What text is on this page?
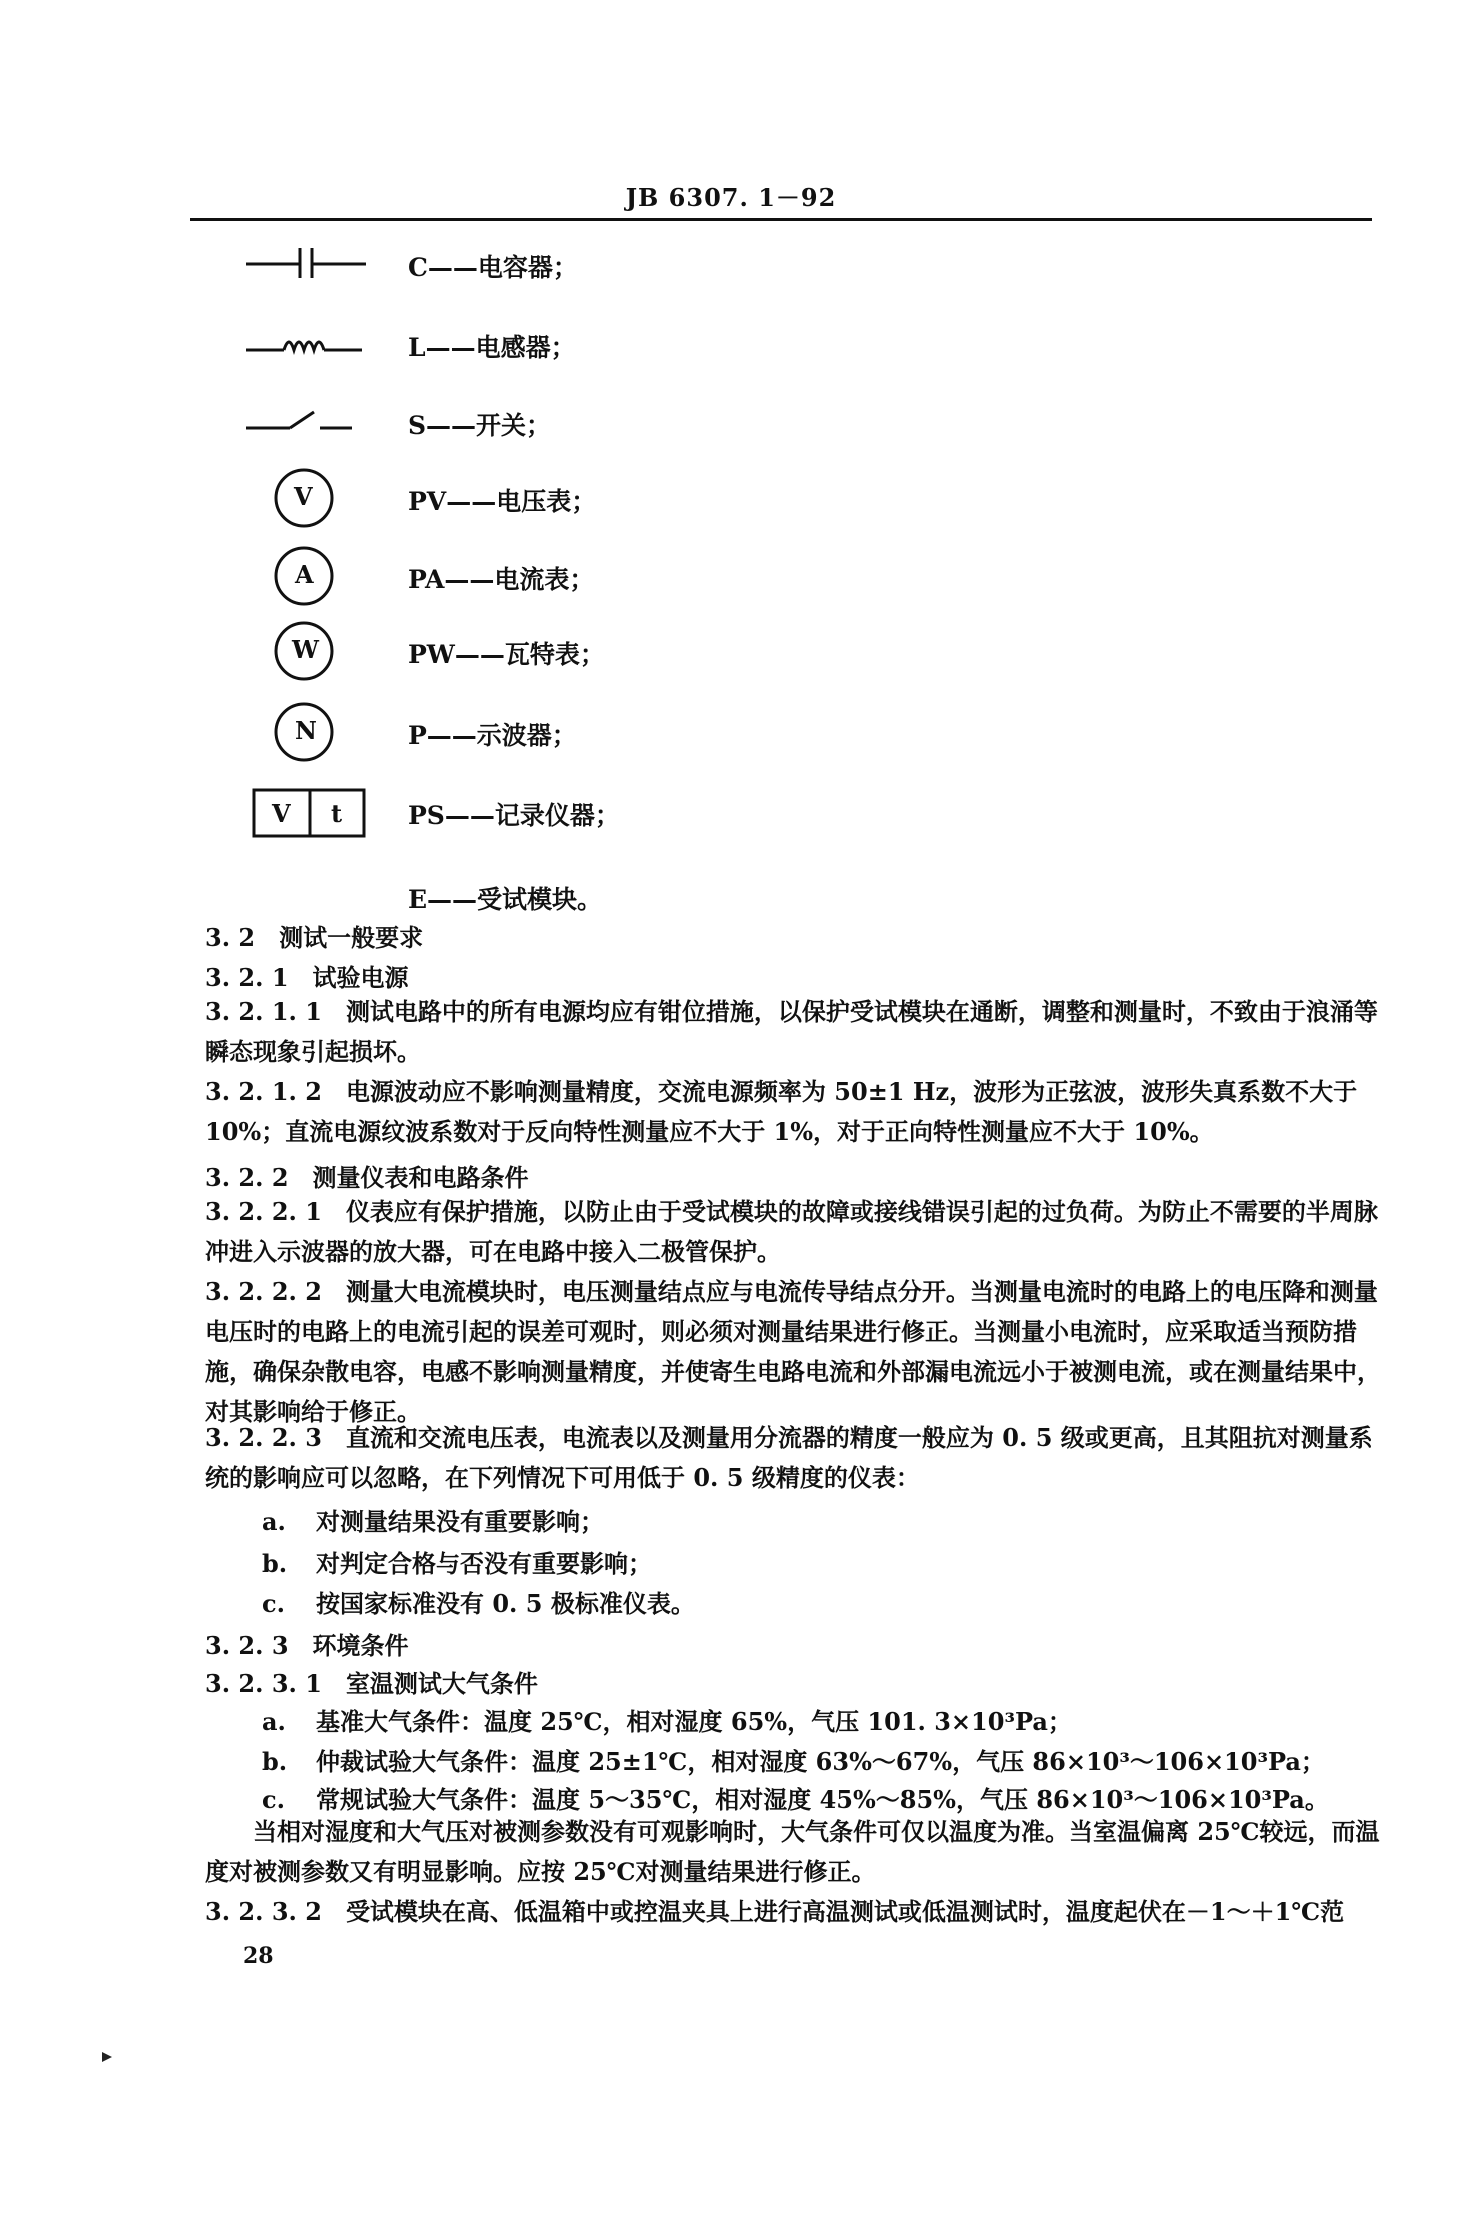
JB 6307. 1－92
C——电容器；
L——电感器；
S——开关；
V	PV——电压表；
A	PA——电流表；
W	PW——瓦特表；
N	P——示波器；
V t	PS——记录仪器；
E——受试模块。
3. 2 测试一般要求
3. 2. 1 试验电源
3. 2. 1. 1 测试电路中的所有电源均应有钳位措施，以保护受试模块在通断，调整和测量时，不致由于浪涌等瞬态现象引起损坏。
3. 2. 1. 2 电源波动应不影响测量精度，交流电源频率为 50±1 Hz，波形为正弦波，波形失真系数不大于 10%；直流电源纹波系数对于反向特性测量应不大于 1%，对于正向特性测量应不大于 10%。
3. 2. 2 测量仪表和电路条件
3. 2. 2. 1 仪表应有保护措施，以防止由于受试模块的故障或接线错误引起的过负荷。为防止不需要的半周脉冲进入示波器的放大器，可在电路中接入二极管保护。
3. 2. 2. 2 测量大电流模块时，电压测量结点应与电流传导结点分开。当测量电流时的电路上的电压降和测量电压时的电路上的电流引起的误差可观时，则必须对测量结果进行修正。当测量小电流时，应采取适当预防措施，确保杂散电容，电感不影响测量精度，并使寄生电路电流和外部漏电流远小于被测电流，或在测量结果中，对其影响给于修正。
3. 2. 2. 3 直流和交流电压表，电流表以及测量用分流器的精度一般应为 0. 5 级或更高，且其阻抗对测量系统的影响应可以忽略，在下列情况下可用低于 0. 5 级精度的仪表：
a. 对测量结果没有重要影响；
b. 对判定合格与否没有重要影响；
c. 按国家标准没有 0. 5 极标准仪表。
3. 2. 3 环境条件
3. 2. 3. 1 室温测试大气条件
a. 基准大气条件：温度 25℃，相对湿度 65%，气压 101. 3×10³Pa；
b. 仲裁试验大气条件：温度 25±1℃，相对湿度 63%～67%，气压 86×10³～106×10³Pa；
c. 常规试验大气条件：温度 5～35℃，相对湿度 45%～85%，气压 86×10³～106×10³Pa。
当相对湿度和大气压对被测参数没有可观影响时，大气条件可仅以温度为准。当室温偏离 25℃较远，而温度对被测参数又有明显影响。应按 25℃对测量结果进行修正。
3. 2. 3. 2 受试模块在高、低温箱中或控温夹具上进行高温测试或低温测试时，温度起伏在－1～＋1℃范
28
